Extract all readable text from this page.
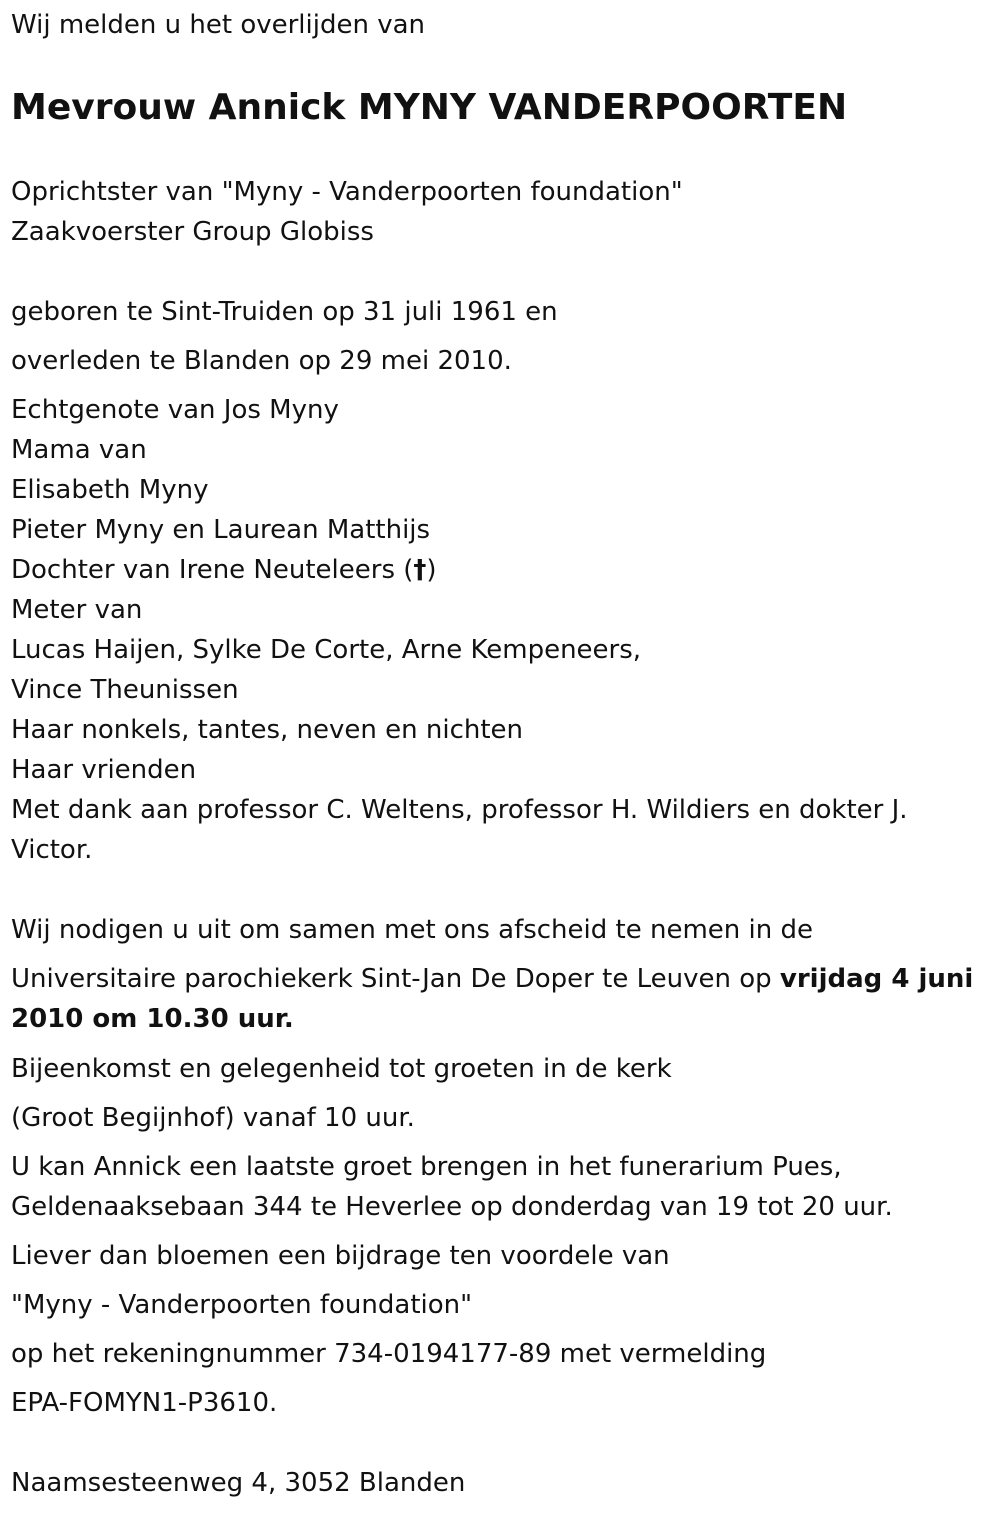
Wij melden u het overlijden van
Mevrouw Annick MYNY VANDERPOORTEN
Oprichtster van "Myny - Vanderpoorten foundation"
Zaakvoerster Group Globiss
geboren te Sint-Truiden op 31 juli 1961 en
overleden te Blanden op 29 mei 2010.
Echtgenote van Jos Myny
Mama van
Elisabeth Myny
Pieter Myny en Laurean Matthijs
Dochter van Irene Neuteleers (†)
Meter van
Lucas Haijen, Sylke De Corte, Arne Kempeneers,
Vince Theunissen
Haar nonkels, tantes, neven en nichten
Haar vrienden
Met dank aan professor C. Weltens, professor H. Wildiers en dokter J. Victor.
Wij nodigen u uit om samen met ons afscheid te nemen in de
Universitaire parochiekerk Sint-Jan De Doper te Leuven op vrijdag 4 juni 2010 om 10.30 uur.
Bijeenkomst en gelegenheid tot groeten in de kerk
(Groot Begijnhof) vanaf 10 uur.
U kan Annick een laatste groet brengen in het funerarium Pues,
Geldenaaksebaan 344 te Heverlee op donderdag van 19 tot 20 uur.
Liever dan bloemen een bijdrage ten voordele van
"Myny - Vanderpoorten foundation"
op het rekeningnummer 734-0194177-89 met vermelding
EPA-FOMYN1-P3610.
Naamsesteenweg 4, 3052 Blanden
